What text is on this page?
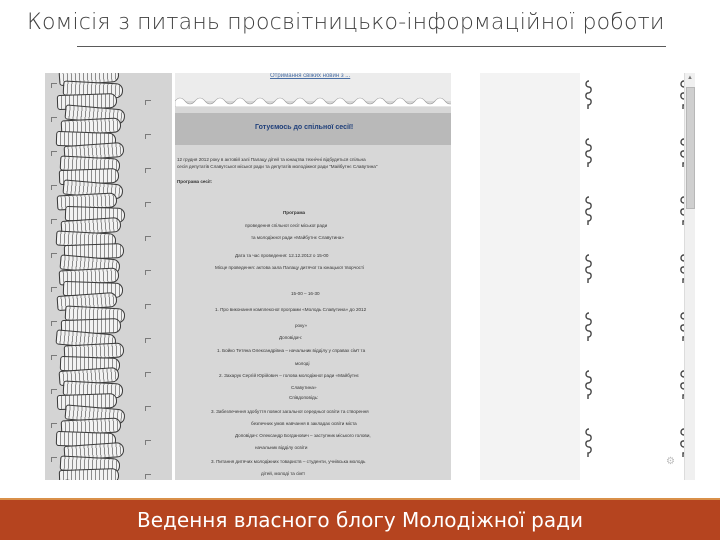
Комісія з питань просвітницько-інформаційної роботи
Отримання свіжих новин з ...
Готуємось до спільної сесії!
12 грудня 2012 року в актовій залі Палацу дітей та юнацтва технічні відбудеться спільна
сесія депутатів Славутської міської ради та депутатів молодіжної ради "Майбутнє Славутина"
Програма сесії:
Програма
проведення спільної сесії міської ради
та молодіжної ради «Майбутнє Славутина»
Дата та час проведення: 12.12.2012 о 15-00
Місце проведення: актова зала Палацу дитячої та юнацької творчості
15-00 – 16-30
1. Про виконання комплексної програми «Молодь Славутина» до 2012
року»
Доповідач:
1. Бойко Тетяна Олександрівна – начальник відділу у справах сім'ї та
молоді
2. Захарук Сергій Юрійович – голова молодіжної ради «Майбутнє
Славутина»
Співдоповідь:
3. Забезпечення здобуття повної загальної середньої освіти та створення
безпечних умов навчання в закладах освіти міста
Доповідач: Олександр Богданович – заступник міського голови,
начальник відділу освіти
3. Питання дитячих молодіжних товариств – студенти, учнівська молодь
дітей, молоді та сім'ї
▲
⚙
Ведення власного блогу Молодіжної ради
